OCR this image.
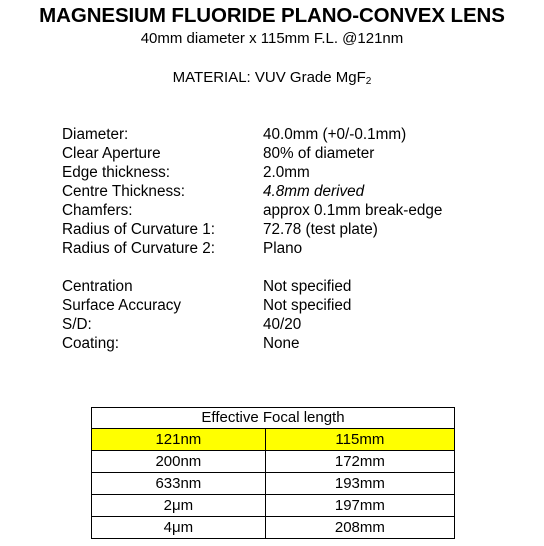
MAGNESIUM FLUORIDE PLANO-CONVEX LENS
40mm diameter x 115mm F.L. @121nm
MATERIAL: VUV Grade MgF$_2$
Diameter:	40.0mm (+0/-0.1mm)
Clear Aperture	80% of diameter
Edge thickness:	2.0mm
Centre Thickness:	4.8mm derived
Chamfers:	approx 0.1mm break-edge
Radius of Curvature 1:	72.78 (test plate)
Radius of Curvature 2:	Plano
Centration	Not specified
Surface Accuracy	Not specified
S/D:	40/20
Coating:	None
Effective Focal length	
121nm	115mm
200nm	172mm
633nm	193mm
2μm	197mm
4μm	208mm
